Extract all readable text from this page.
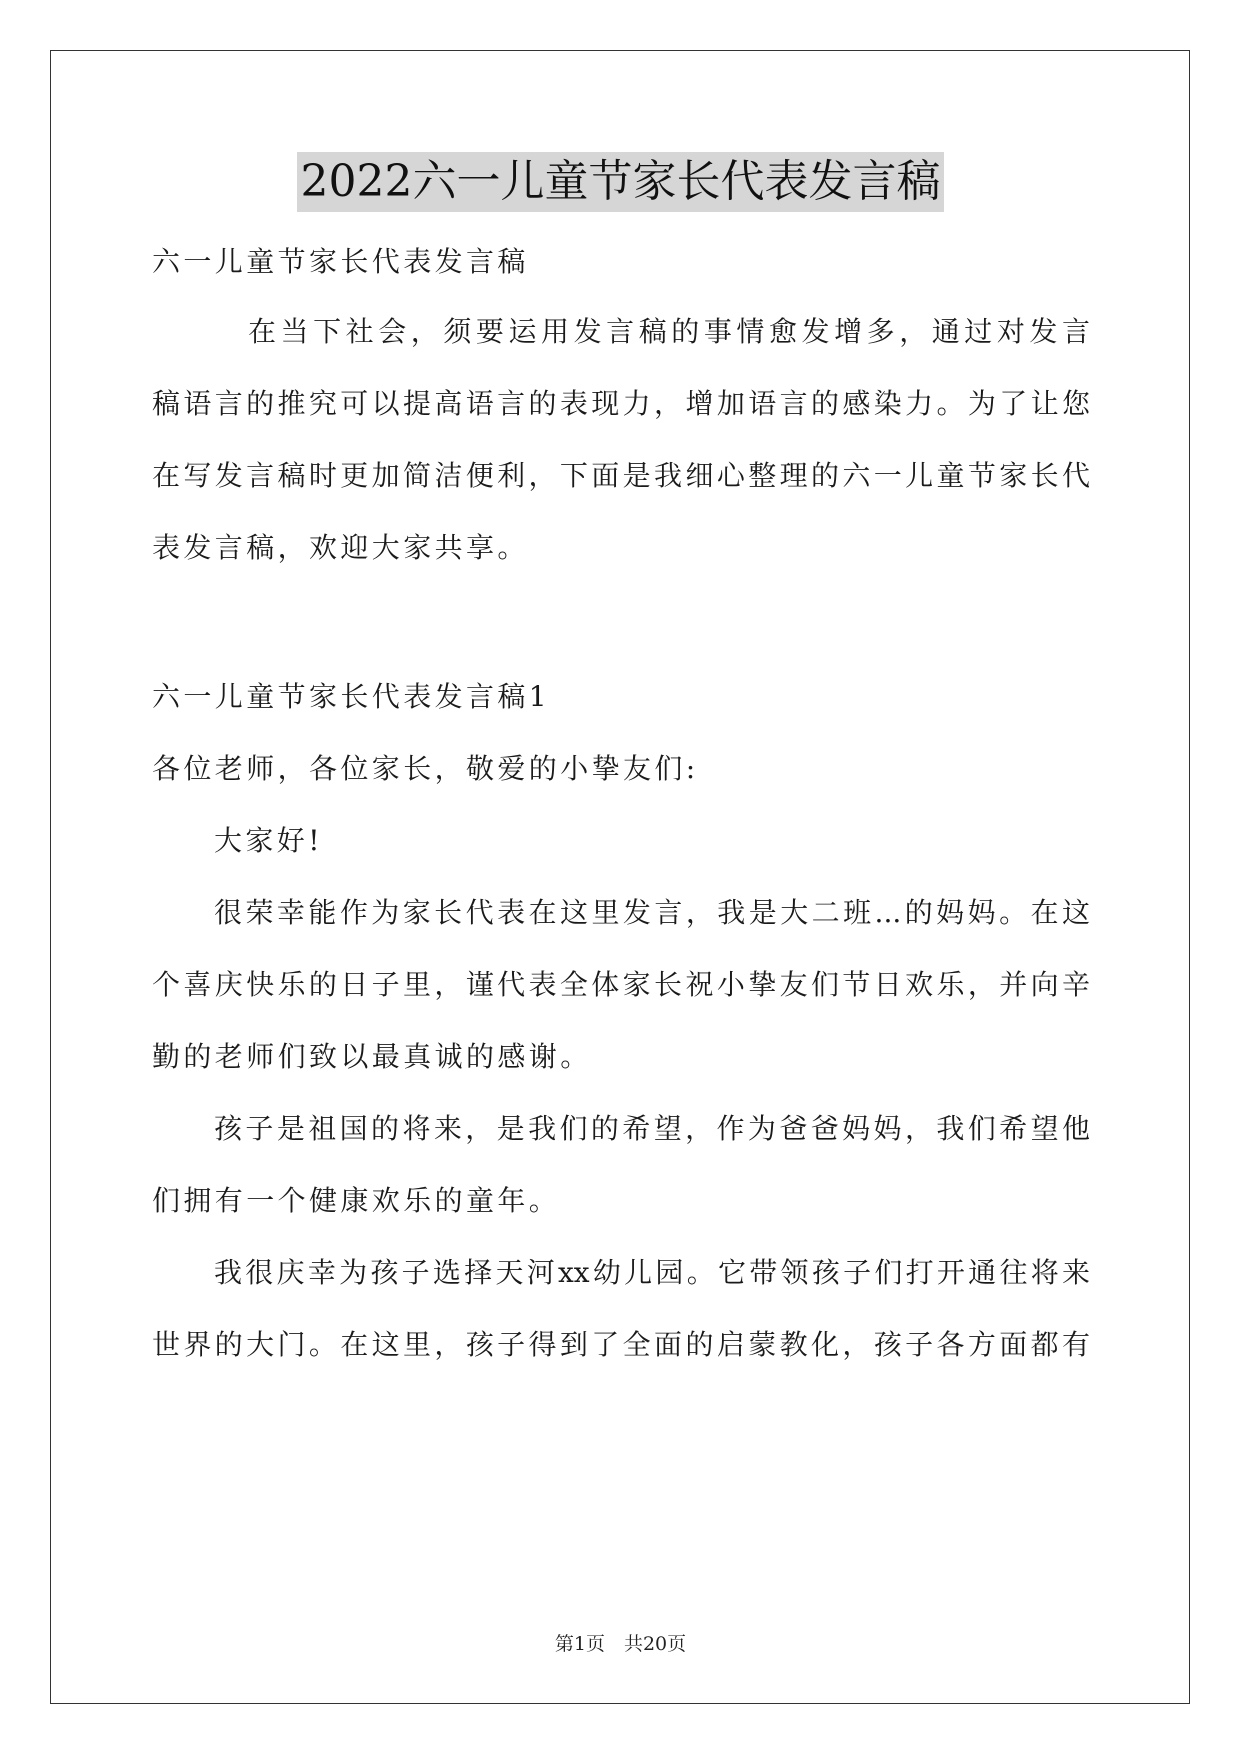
2022六一儿童节家长代表发言稿
六一儿童节家长代表发言稿
在当下社会，须要运用发言稿的事情愈发增多，通过对发言
稿语言的推究可以提高语言的表现力，增加语言的感染力。为了让您
在写发言稿时更加简洁便利，下面是我细心整理的六一儿童节家长代
表发言稿，欢迎大家共享。
六一儿童节家长代表发言稿1
各位老师，各位家长，敬爱的小挚友们:
大家好!
很荣幸能作为家长代表在这里发言，我是大二班...的妈妈。在这
个喜庆快乐的日子里，谨代表全体家长祝小挚友们节日欢乐，并向辛
勤的老师们致以最真诚的感谢。
孩子是祖国的将来，是我们的希望，作为爸爸妈妈，我们希望他
们拥有一个健康欢乐的童年。
我很庆幸为孩子选择天河xx幼儿园。它带领孩子们打开通往将来
世界的大门。在这里，孩子得到了全面的启蒙教化，孩子各方面都有
第1页　共20页
